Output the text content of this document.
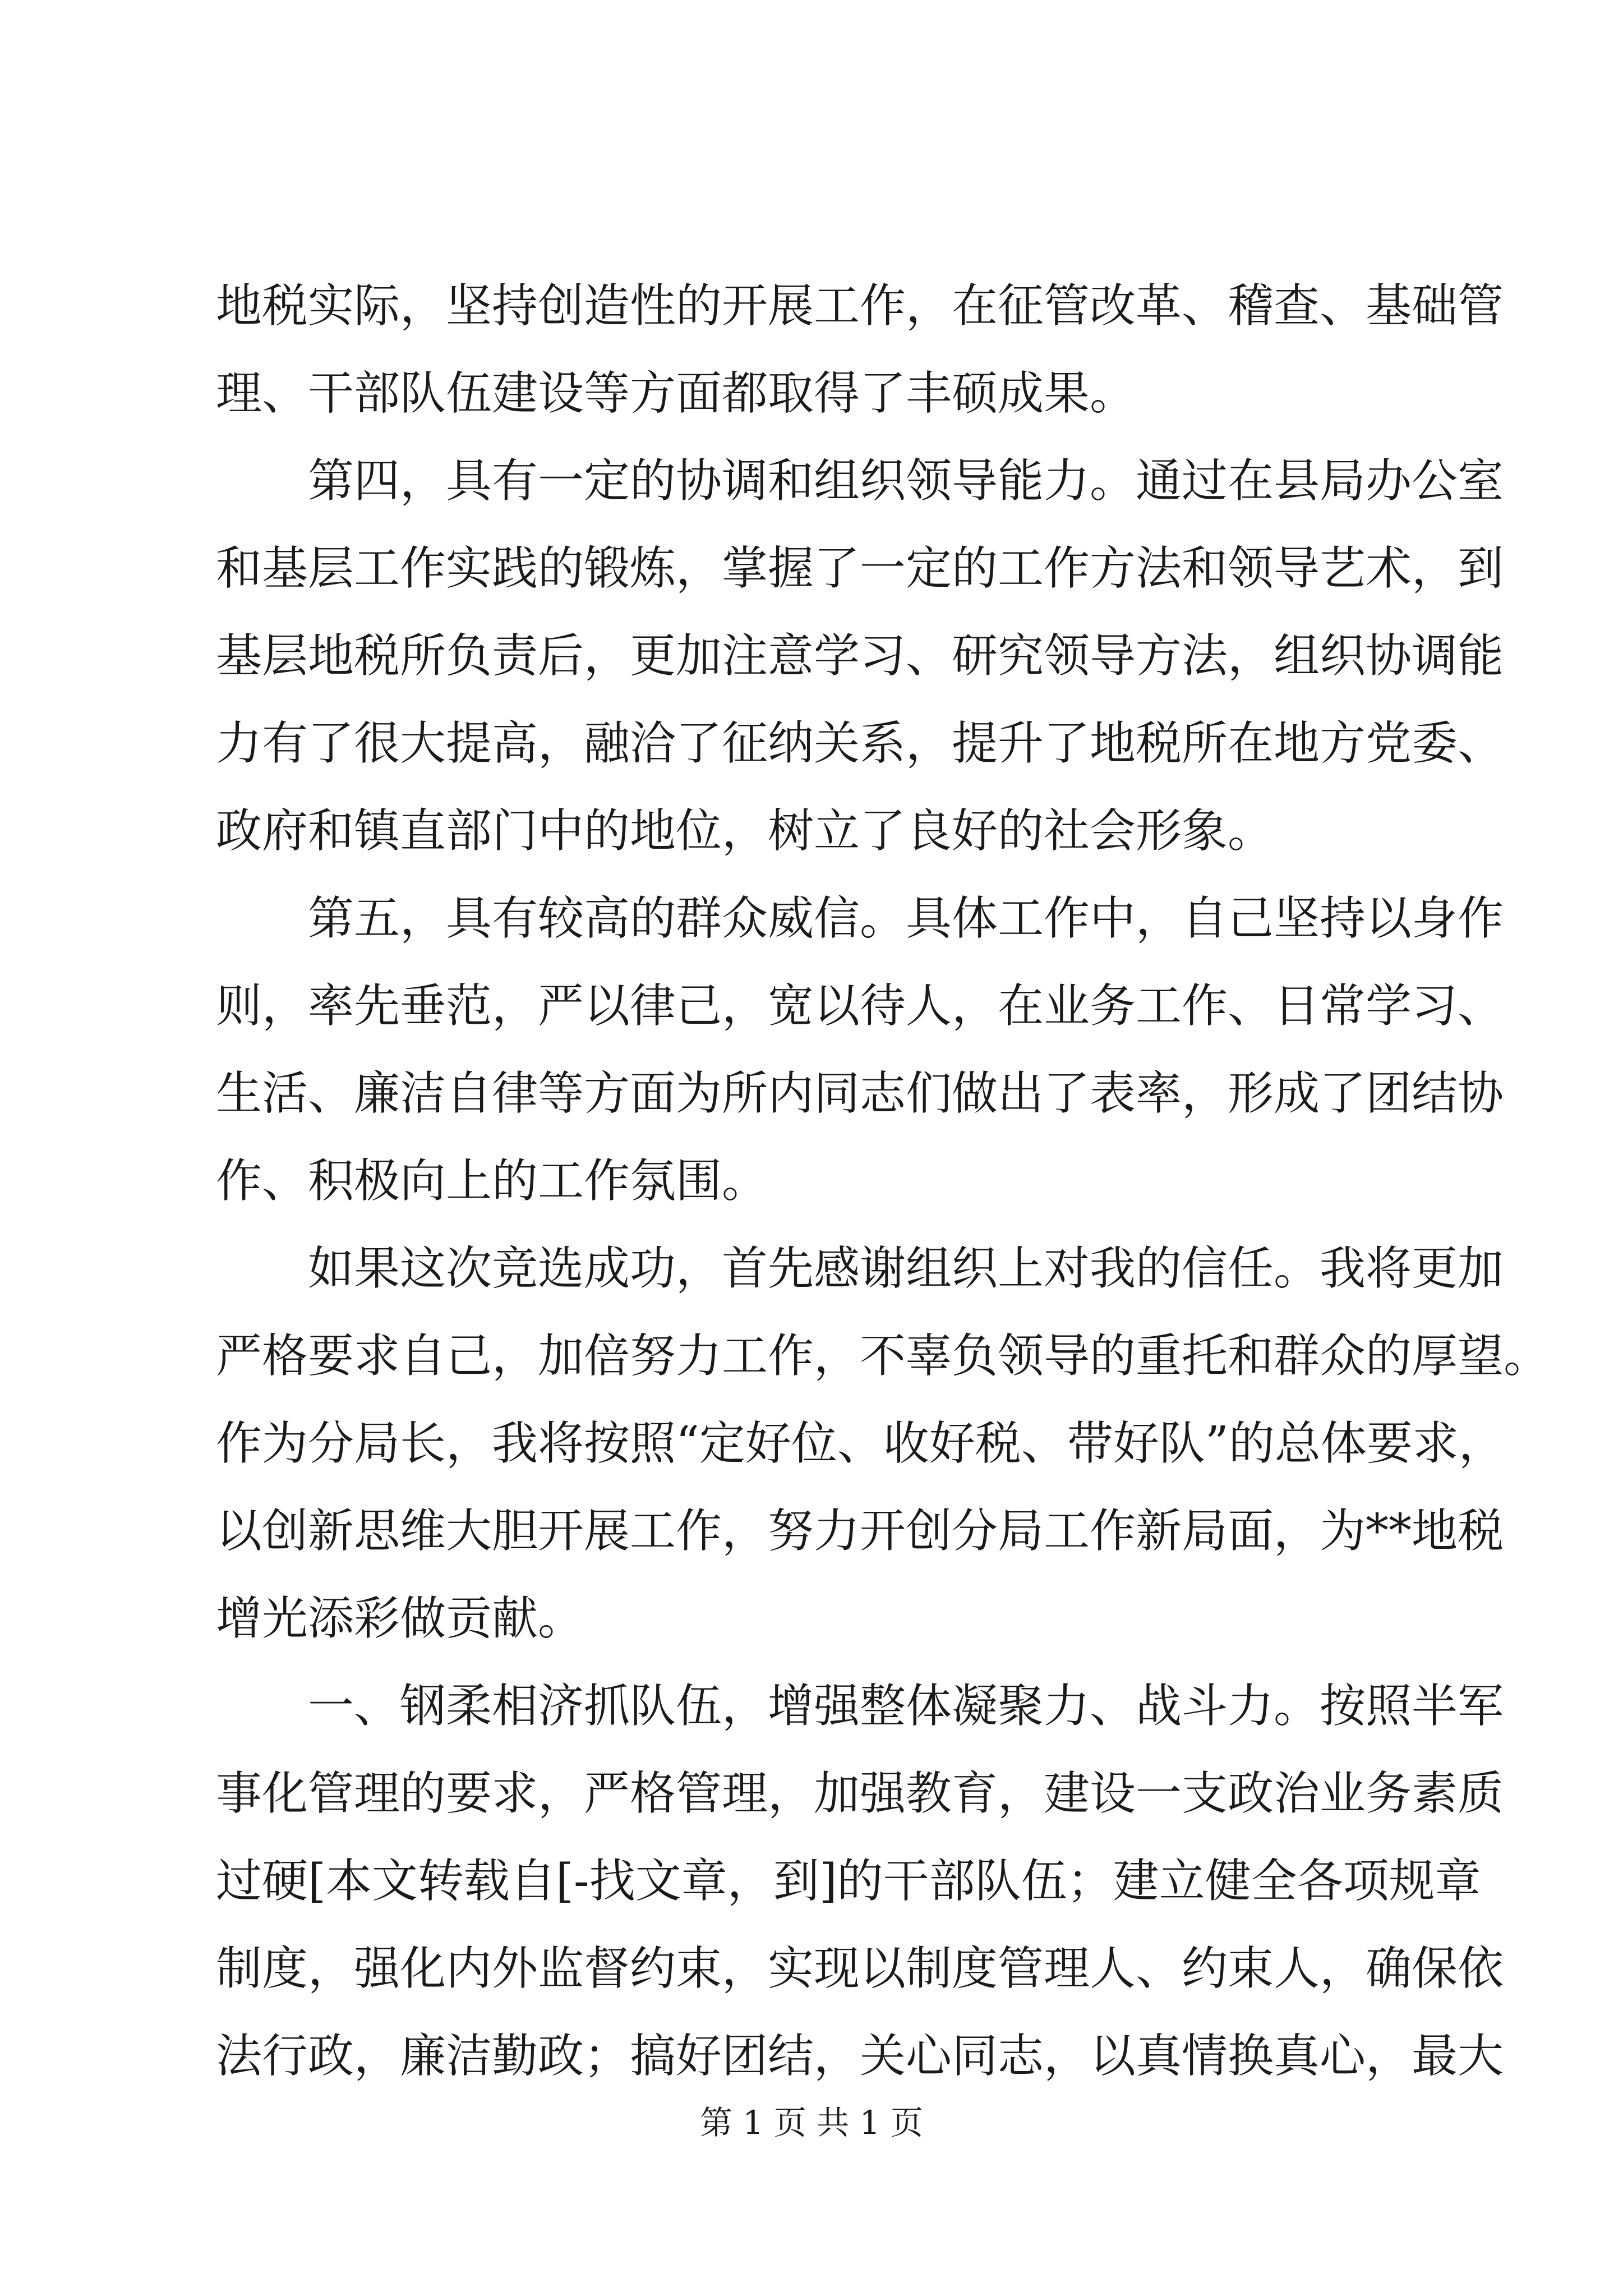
地税实际，坚持创造性的开展工作，在征管改革、稽查、基础管
理、干部队伍建设等方面都取得了丰硕成果。
第四，具有一定的协调和组织领导能力。通过在县局办公室
和基层工作实践的锻炼，掌握了一定的工作方法和领导艺术，到
基层地税所负责后，更加注意学习、研究领导方法，组织协调能
力有了很大提高，融洽了征纳关系，提升了地税所在地方党委、
政府和镇直部门中的地位，树立了良好的社会形象。
第五，具有较高的群众威信。具体工作中，自己坚持以身作
则，率先垂范，严以律己，宽以待人，在业务工作、日常学习、
生活、廉洁自律等方面为所内同志们做出了表率，形成了团结协
作、积极向上的工作氛围。
如果这次竞选成功，首先感谢组织上对我的信任。我将更加
严格要求自己，加倍努力工作，不辜负领导的重托和群众的厚望。
作为分局长，我将按照“定好位、收好税、带好队”的总体要求，
以创新思维大胆开展工作，努力开创分局工作新局面，为**地税
增光添彩做贡献。
一、钢柔相济抓队伍，增强整体凝聚力、战斗力。按照半军
事化管理的要求，严格管理，加强教育，建设一支政治业务素质
过硬[本文转载自[-找文章，到]的干部队伍；建立健全各项规章
制度，强化内外监督约束，实现以制度管理人、约束人，确保依
法行政，廉洁勤政；搞好团结，关心同志，以真情换真心，最大
第 1 页 共 1 页
